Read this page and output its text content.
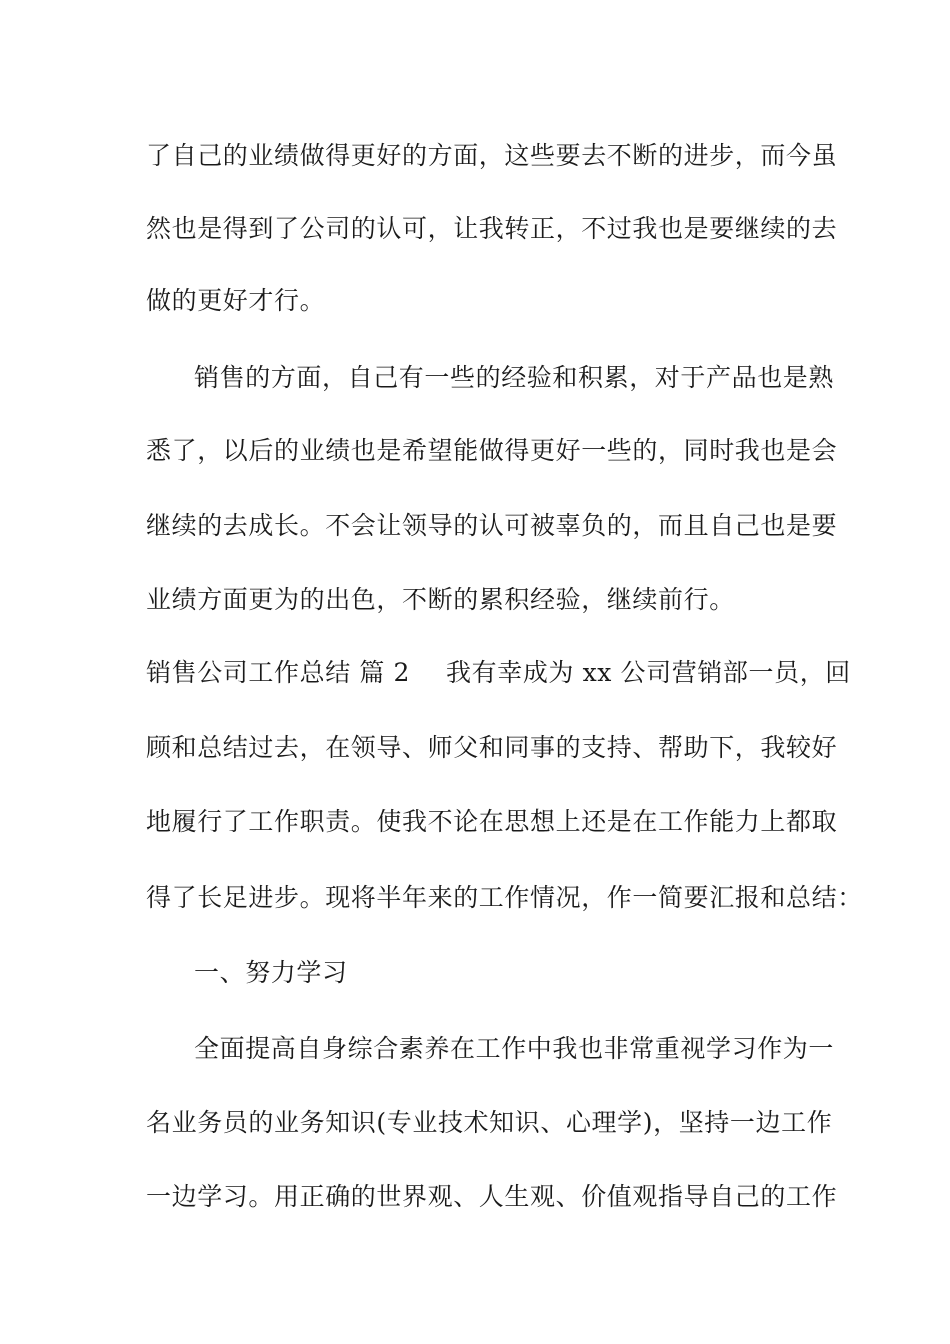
了自己的业绩做得更好的方面，这些要去不断的进步，而今虽
然也是得到了公司的认可，让我转正，不过我也是要继续的去
做的更好才行。
销售的方面，自己有一些的经验和积累，对于产品也是熟
悉了，以后的业绩也是希望能做得更好一些的，同时我也是会
继续的去成长。不会让领导的认可被辜负的，而且自己也是要
业绩方面更为的出色，不断的累积经验，继续前行。
销售公司工作总结 篇 2 我有幸成为 xx 公司营销部一员，回
顾和总结过去，在领导、师父和同事的支持、帮助下，我较好
地履行了工作职责。使我不论在思想上还是在工作能力上都取
得了长足进步。现将半年来的工作情况，作一简要汇报和总结：
一、努力学习
全面提高自身综合素养在工作中我也非常重视学习作为一
名业务员的业务知识(专业技术知识、心理学)，坚持一边工作
一边学习。用正确的世界观、人生观、价值观指导自己的工作
